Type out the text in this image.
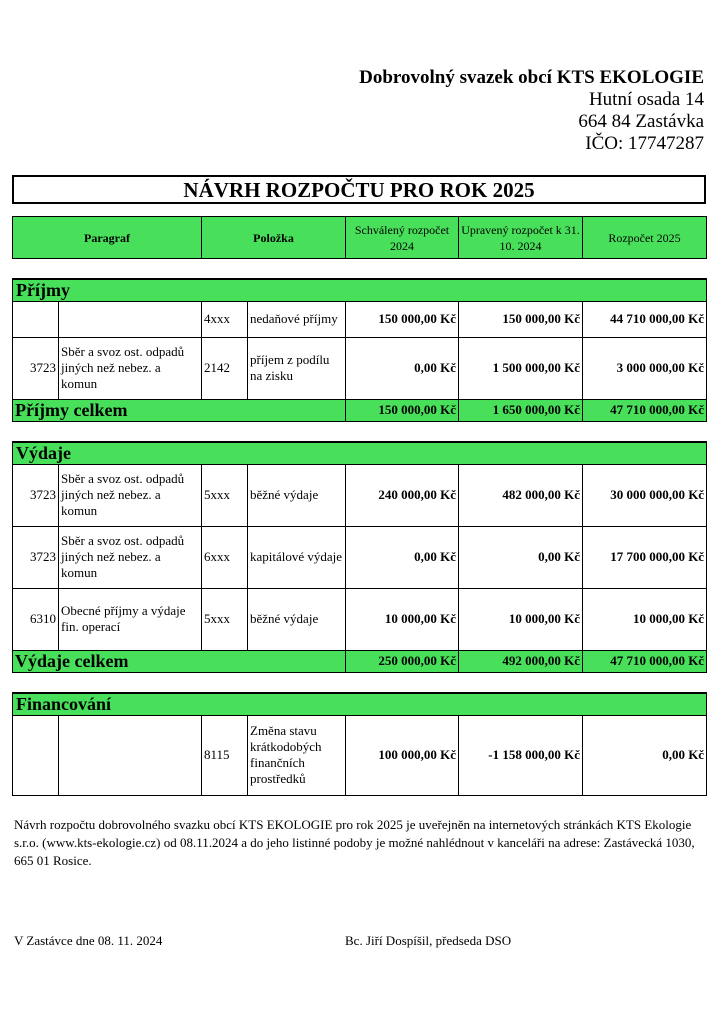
Dobrovolný svazek obcí KTS EKOLOGIE
Hutní osada 14
664 84 Zastávka
IČO: 17747287
NÁVRH ROZPOČTU PRO ROK 2025
Paragraf	Položka	Schválený rozpočet 2024	Upravený rozpočet k 31. 10. 2024	Rozpočet 2025
Příjmy						
		4xxx	nedaňové příjmy	150 000,00 Kč	150 000,00 Kč	44 710 000,00 Kč
3723	Sběr a svoz ost. odpadů jiných než nebez. a komun	2142	příjem z podílu na zisku	0,00 Kč	1 500 000,00 Kč	3 000 000,00 Kč
Příjmy celkem				150 000,00 Kč	1 650 000,00 Kč	47 710 000,00 Kč
Výdaje						
3723	Sběr a svoz ost. odpadů jiných než nebez. a komun	5xxx	běžné výdaje	240 000,00 Kč	482 000,00 Kč	30 000 000,00 Kč
3723	Sběr a svoz ost. odpadů jiných než nebez. a komun	6xxx	kapitálové výdaje	0,00 Kč	0,00 Kč	17 700 000,00 Kč
6310	Obecné příjmy a výdaje fin. operací	5xxx	běžné výdaje	10 000,00 Kč	10 000,00 Kč	10 000,00 Kč
Výdaje celkem				250 000,00 Kč	492 000,00 Kč	47 710 000,00 Kč
Financování
		8115	Změna stavu krátkodobých finančních prostředků	100 000,00 Kč	-1 158 000,00 Kč	0,00 Kč
Návrh rozpočtu dobrovolného svazku obcí KTS EKOLOGIE pro rok 2025 je uveřejněn na internetových stránkách KTS Ekologie s.r.o. (www.kts-ekologie.cz) od 08.11.2024 a do jeho listinné podoby je možné nahlédnout v kanceláři na adrese: Zastávecká 1030, 665 01 Rosice.
V Zastávce dne 08. 11. 2024	Bc. Jiří Dospíšil, předseda DSO
